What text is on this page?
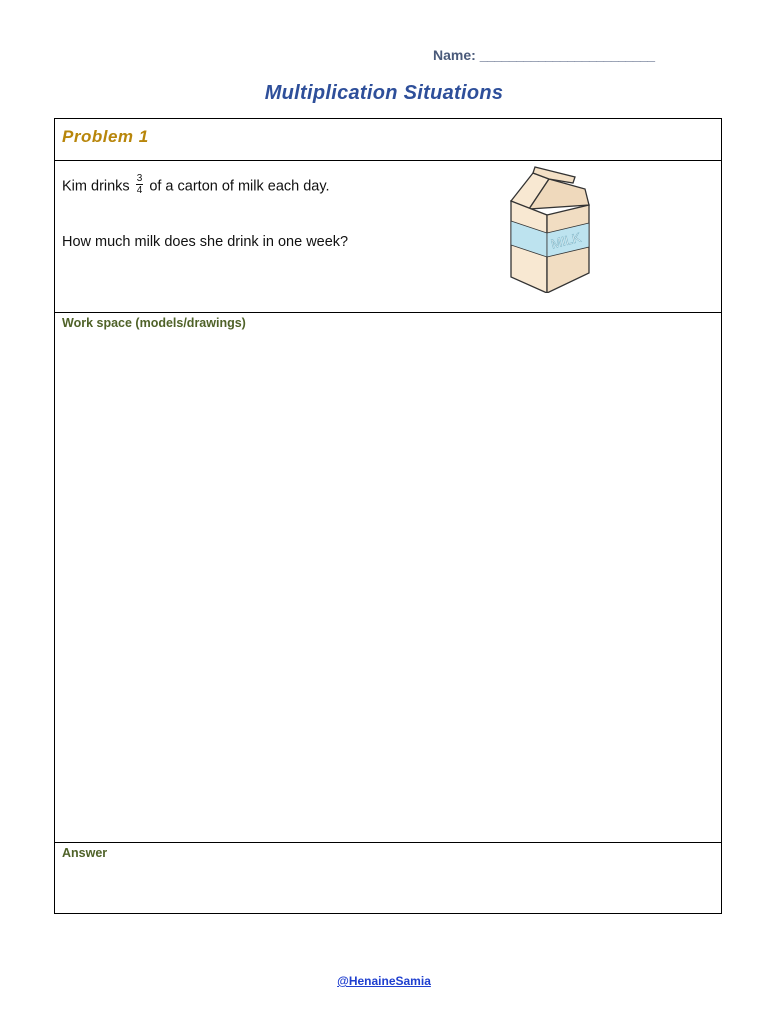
Name: ________________________
Multiplication Situations
Problem 1
Kim drinks $\frac{3}{4}$ of a carton of milk each day.
How much milk does she drink in one week?	MILK
Work space (models/drawings)
Answer
@HenaineSamia
